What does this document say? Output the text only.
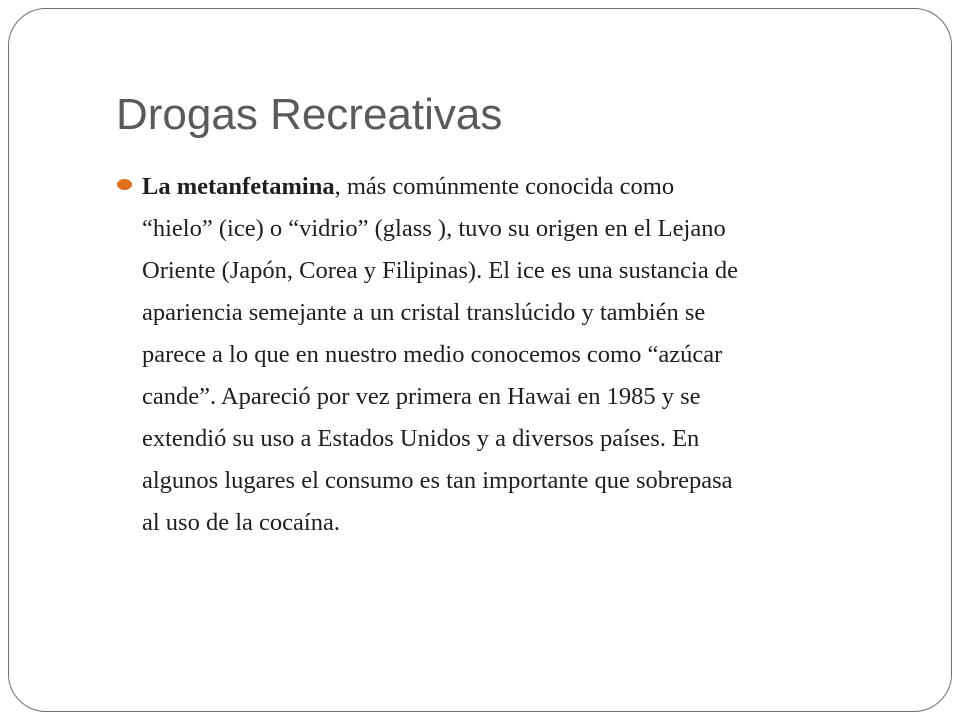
Drogas Recreativas

La metanfetamina, más comúnmente conocida como
“hielo” (ice) o “vidrio” (glass ), tuvo su origen en el Lejano
Oriente (Japón, Corea y Filipinas). El ice es una sustancia de
apariencia semejante a un cristal translúcido y también se
parece a lo que en nuestro medio conocemos como “azúcar
cande”. Apareció por vez primera en Hawai en 1985 y se
extendió su uso a Estados Unidos y a diversos países. En
algunos lugares el consumo es tan importante que sobrepasa
al uso de la cocaína.
